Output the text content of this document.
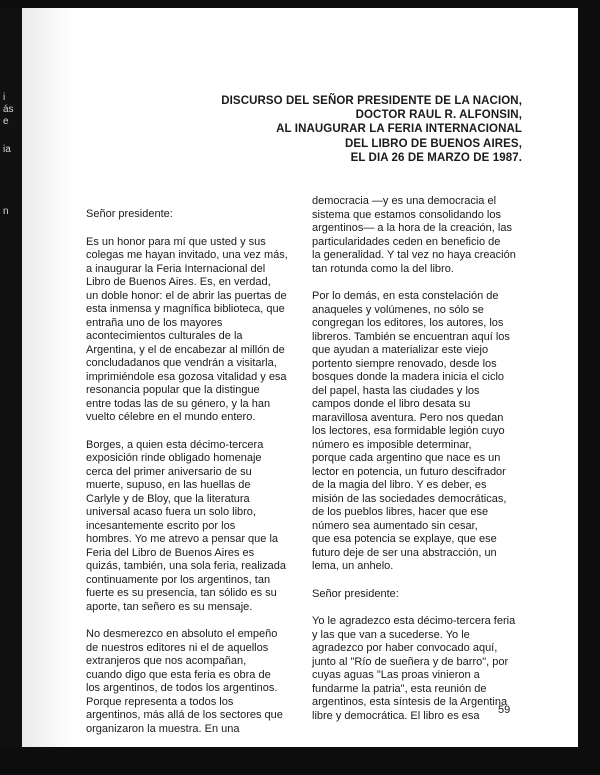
i
ás
e
ia
n
DISCURSO DEL SEÑOR PRESIDENTE DE LA NACION,
DOCTOR RAUL R. ALFONSIN,
AL INAUGURAR LA FERIA INTERNACIONAL
DEL LIBRO DE BUENOS AIRES,
EL DIA 26 DE MARZO DE 1987.

Señor presidente:

Es un honor para mí que usted y sus
colegas me hayan invitado, una vez más,
a inaugurar la Feria Internacional del
Libro de Buenos Aires. Es, en verdad,
un doble honor: el de abrir las puertas de
esta inmensa y magnífica biblioteca, que
entraña uno de los mayores
acontecimientos culturales de la
Argentina, y el de encabezar al millón de
concludadanos que vendrán a visitarla,
imprimiéndole esa gozosa vitalidad y esa
resonancia popular que la distingue
entre todas las de su género, y la han
vuelto célebre en el mundo entero.

Borges, a quien esta décimo-tercera
exposición rinde obligado homenaje
cerca del primer aniversario de su
muerte, supuso, en las huellas de
Carlyle y de Bloy, que la literatura
universal acaso fuera un solo libro,
incesantemente escrito por los
hombres. Yo me atrevo a pensar que la
Feria del Libro de Buenos Aires es
quizás, también, una sola feria, realizada
continuamente por los argentinos, tan
fuerte es su presencia, tan sólido es su
aporte, tan señero es su mensaje.

No desmerezco en absoluto el empeño
de nuestros editores ni el de aquellos
extranjeros que nos acompañan,
cuando digo que esta feria es obra de
los argentinos, de todos los argentinos.
Porque representa a todos los
argentinos, más allá de los sectores que
organizaron la muestra. En una

democracia —y es una democracia el
sistema que estamos consolidando los
argentinos— a la hora de la creación, las
particularidades ceden en beneficio de
la generalidad. Y tal vez no haya creación
tan rotunda como la del libro.

Por lo demás, en esta constelación de
anaqueles y volúmenes, no sólo se
congregan los editores, los autores, los
libreros. También se encuentran aquí los
que ayudan a materializar este viejo
portento siempre renovado, desde los
bosques donde la madera inicia el ciclo
del papel, hasta las ciudades y los
campos donde el libro desata su
maravillosa aventura. Pero nos quedan
los lectores, esa formidable legión cuyo
número es imposible determinar,
porque cada argentino que nace es un
lector en potencia, un futuro descifrador
de la magia del libro. Y es deber, es
misión de las sociedades democráticas,
de los pueblos libres, hacer que ese
número sea aumentado sin cesar,
que esa potencia se explaye, que ese
futuro deje de ser una abstracción, un
lema, un anhelo.

Señor presidente:

Yo le agradezco esta décimo-tercera feria
y las que van a sucederse. Yo le
agradezco por haber convocado aquí,
junto al "Río de sueñera y de barro", por
cuyas aguas "Las proas vinieron a
fundarme la patria", esta reunión de
argentinos, esta síntesis de la Argentina
libre y democrática. El libro es esa	59
